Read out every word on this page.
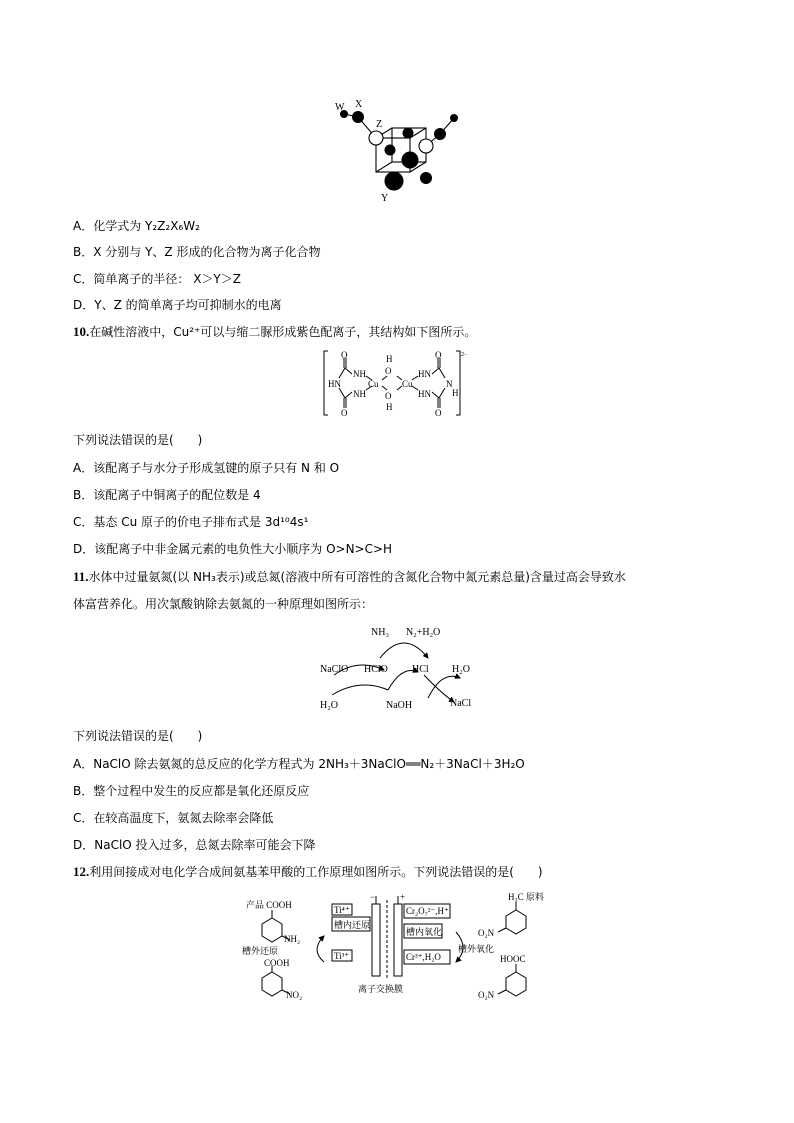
W X
Z
Y
A．化学式为 Y₂Z₂X₆W₂
B．X 分别与 Y、Z 形成的化合物为离子化合物
C．简单离子的半径： X＞Y＞Z
D．Y、Z 的简单离子均可抑制水的电离
10.在碱性溶液中，Cu²⁺可以与缩二脲形成紫色配离子，其结构如下图所示。
O
O
O
O
NH
NH
HN
HN
HN	N
H
H
O
O
H
Cu	Cu
2−
下列说法错误的是(　　)
A．该配离子与水分子形成氢键的原子只有 N 和 O
B．该配离子中铜离子的配位数是 4
C．基态 Cu 原子的价电子排布式是 3d¹⁰4s¹
D．该配离子中非金属元素的电负性大小顺序为 O>N>C>H
11.水体中过量氨氮(以 NH₃表示)或总氮(溶液中所有可溶性的含氮化合物中氮元素总量)含量过高会导致水
体富营养化。用次氯酸钠除去氨氮的一种原理如图所示：
NH₃ N₂+H₂O
NaClO HClO HCl H₂O
H₂O	NaOH	NaCl
下列说法错误的是(　　)
A．NaClO 除去氨氮的总反应的化学方程式为 2NH₃＋3NaClO══N₂＋3NaCl＋3H₂O
B．整个过程中发生的反应都是氧化还原反应
C．在较高温度下，氨氮去除率会降低
D．NaClO 投入过多，总氮去除率可能会下降
12.利用间接成对电化学合成间氨基苯甲酸的工作原理如图所示。下列说法错误的是(　　)
产品 COOH
NH₂
槽外还原
COOH
NO₂
Ti⁴⁺
Ti³⁺
槽内还原
−	+
离子交换膜
Cr₂O₇²⁻,H⁺
槽内氧化
Cr³⁺,H₂O
槽外氧化
H₃C 原料
O₂N
HOOC
O₂N
